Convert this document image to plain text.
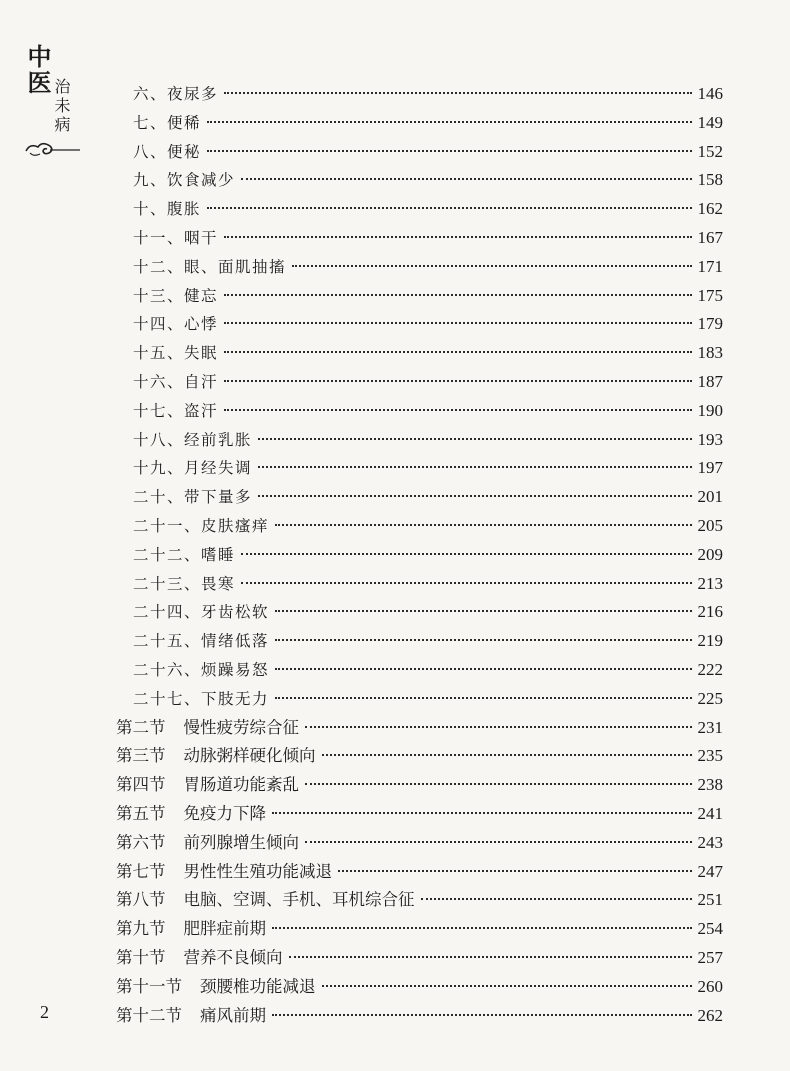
中医
治未病	六、夜尿多	146
七、便稀	149
八、便秘	152
九、饮食减少	158
十、腹胀	162
十一、咽干	167
十二、眼、面肌抽搐	171
十三、健忘	175
十四、心悸	179
十五、失眠	183
十六、自汗	187
十七、盗汗	190
十八、经前乳胀	193
十九、月经失调	197
二十、带下量多	201
二十一、皮肤瘙痒	205
二十二、嗜睡	209
二十三、畏寒	213
二十四、牙齿松软	216
二十五、情绪低落	219
二十六、烦躁易怒	222
二十七、下肢无力	225
第二节 慢性疲劳综合征	231
第三节 动脉粥样硬化倾向	235
第四节 胃肠道功能紊乱	238
第五节 免疫力下降	241
第六节 前列腺增生倾向	243
第七节 男性性生殖功能减退	247
第八节 电脑、空调、手机、耳机综合征	251
第九节 肥胖症前期	254
第十节 营养不良倾向	257
第十一节 颈腰椎功能减退	260
第十二节 痛风前期	262
2
